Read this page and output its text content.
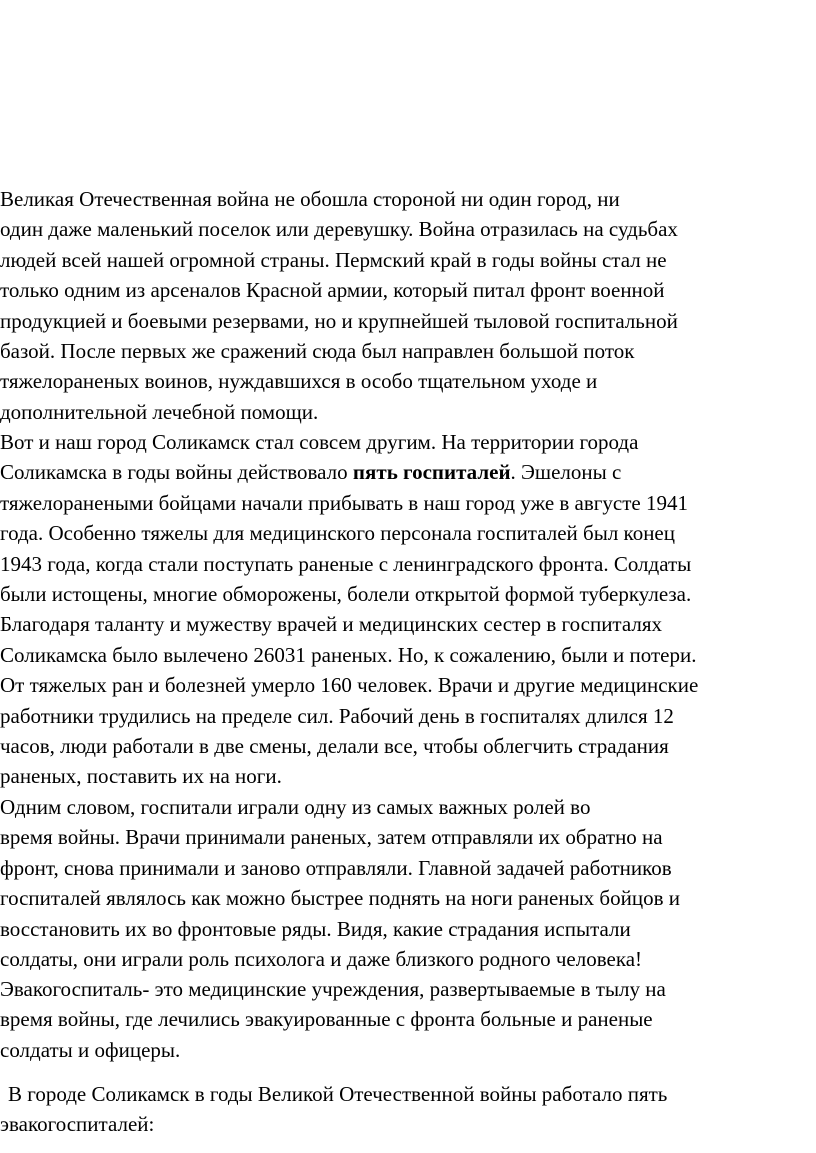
Великая Отечественная война не обошла стороной ни один город, ни
один даже маленький поселок или деревушку. Война отразилась на судьбах
людей всей нашей огромной страны. Пермский край в годы войны стал не
только одним из арсеналов Красной армии, который питал фронт военной
продукцией и боевыми резервами, но и крупнейшей тыловой госпитальной
базой. После первых же сражений сюда был направлен большой поток
тяжелораненых воинов, нуждавшихся в особо тщательном уходе и
дополнительной лечебной помощи.
Вот и наш город Соликамск стал совсем другим. На территории города
Соликамска в годы войны действовало пять госпиталей. Эшелоны с
тяжелоранеными бойцами начали прибывать в наш город уже в августе 1941
года. Особенно тяжелы для медицинского персонала госпиталей был конец
1943 года, когда стали поступать раненые с ленинградского фронта. Солдаты
были истощены, многие обморожены, болели открытой формой туберкулеза.
Благодаря таланту и мужеству врачей и медицинских сестер в госпиталях
Соликамска было вылечено 26031 раненых. Но, к сожалению, были и потери.
От тяжелых ран и болезней умерло 160 человек. Врачи и другие медицинские
работники трудились на пределе сил. Рабочий день в госпиталях длился 12
часов, люди работали в две смены, делали все, чтобы облегчить страдания
раненых, поставить их на ноги.
Одним словом, госпитали играли одну из самых важных ролей во
время войны. Врачи принимали раненых, затем отправляли их обратно на
фронт, снова принимали и заново отправляли. Главной задачей работников
госпиталей являлось как можно быстрее поднять на ноги раненых бойцов и
восстановить их во фронтовые ряды. Видя, какие страдания испытали
солдаты, они играли роль психолога и даже близкого родного человека!
Эвакогоспиталь- это медицинские учреждения, развертываемые в тылу на
время войны, где лечились эвакуированные с фронта больные и раненые
солдаты и офицеры.
В городе Соликамск в годы Великой Отечественной войны работало пять
эвакогоспиталей:
